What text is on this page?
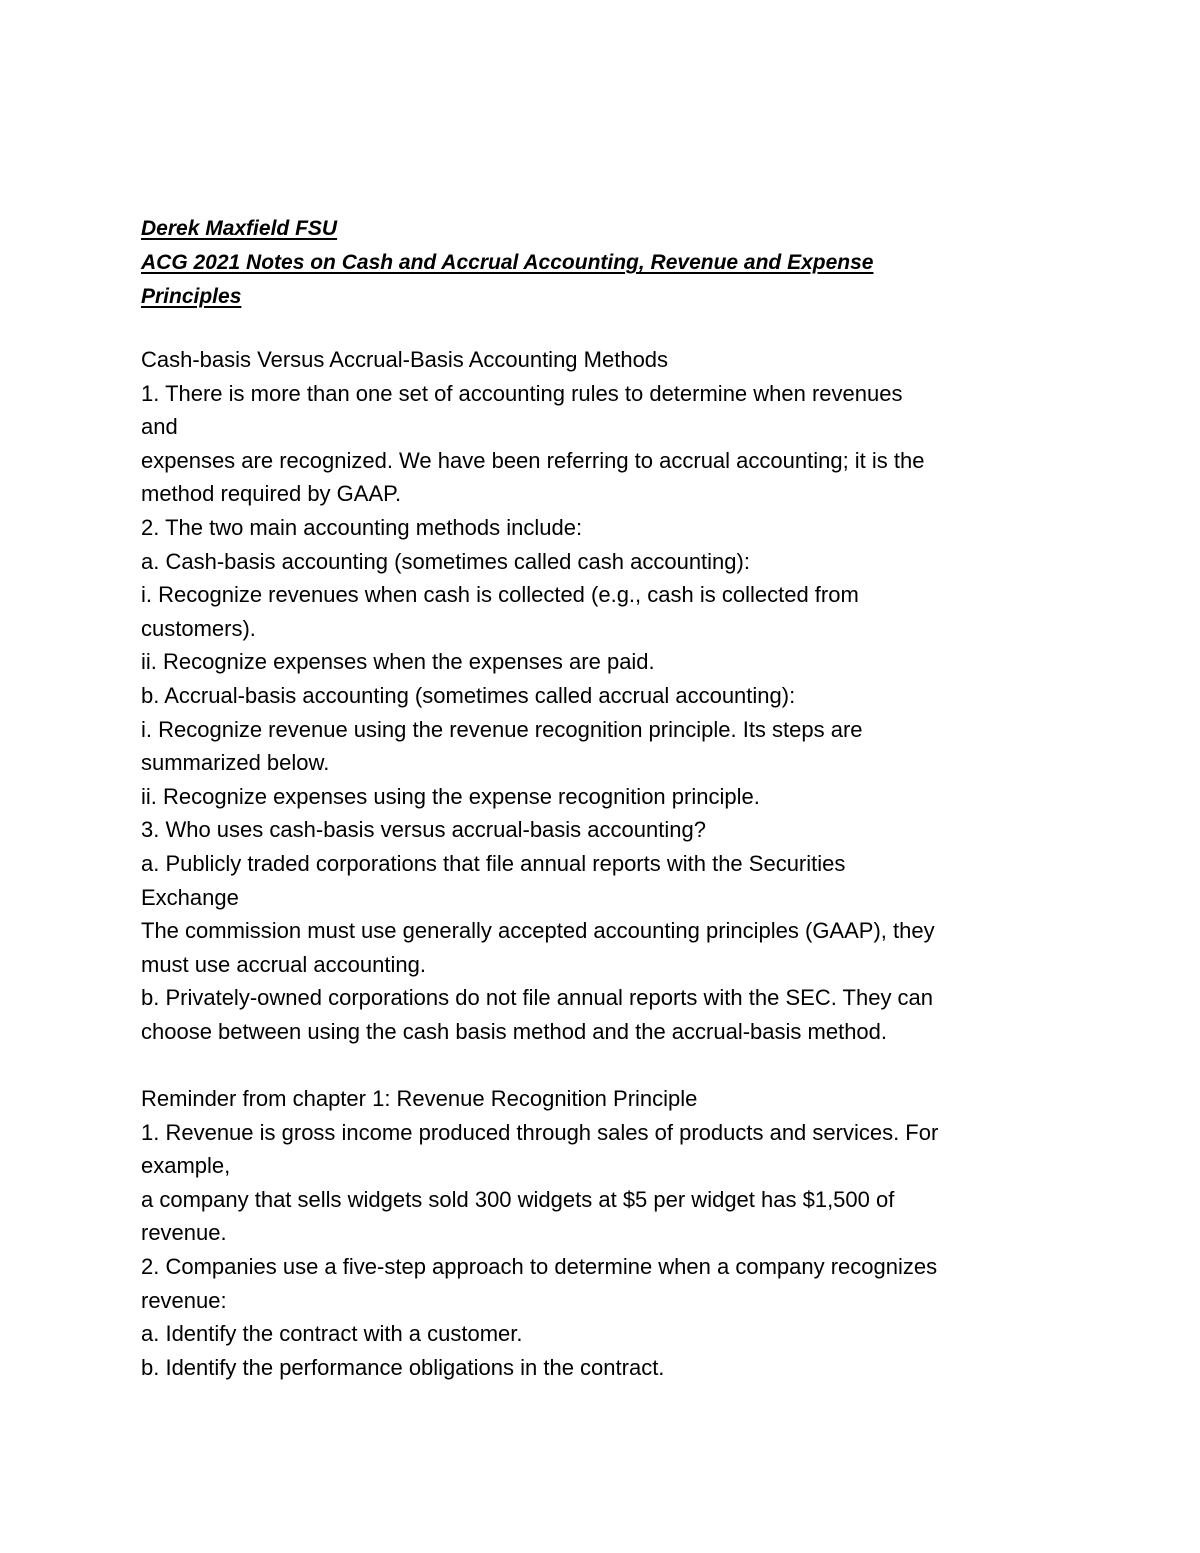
Derek Maxfield FSU
ACG 2021 Notes on Cash and Accrual Accounting, Revenue and Expense
Principles
Cash-basis Versus Accrual-Basis Accounting Methods
1. There is more than one set of accounting rules to determine when revenues
and
expenses are recognized. We have been referring to accrual accounting; it is the
method required by GAAP.
2. The two main accounting methods include:
a. Cash-basis accounting (sometimes called cash accounting):
i. Recognize revenues when cash is collected (e.g., cash is collected from
customers).
ii. Recognize expenses when the expenses are paid.
b. Accrual-basis accounting (sometimes called accrual accounting):
i. Recognize revenue using the revenue recognition principle. Its steps are
summarized below.
ii. Recognize expenses using the expense recognition principle.
3. Who uses cash-basis versus accrual-basis accounting?
a. Publicly traded corporations that file annual reports with the Securities
Exchange
The commission must use generally accepted accounting principles (GAAP), they
must use accrual accounting.
b. Privately-owned corporations do not file annual reports with the SEC. They can
choose between using the cash basis method and the accrual-basis method.
Reminder from chapter 1: Revenue Recognition Principle
1. Revenue is gross income produced through sales of products and services. For
example,
a company that sells widgets sold 300 widgets at $5 per widget has $1,500 of
revenue.
2. Companies use a five-step approach to determine when a company recognizes
revenue:
a. Identify the contract with a customer.
b. Identify the performance obligations in the contract.
